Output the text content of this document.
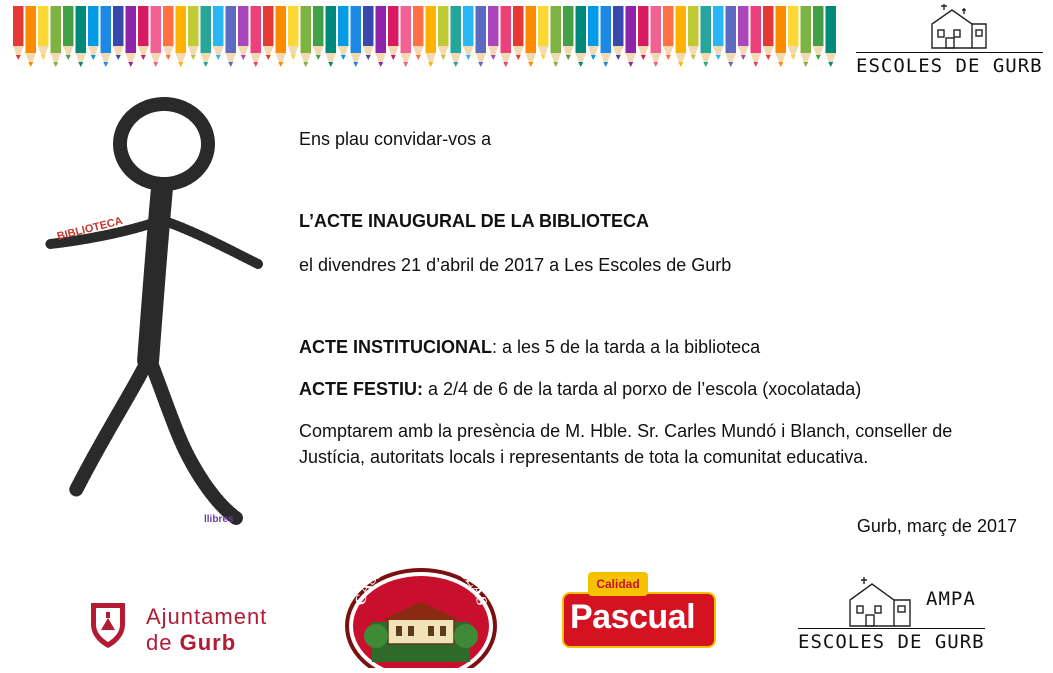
ESCOLES DE GURB
BIBLIOTECA
llibres
Ens plau convidar-vos a
L’ACTE INAUGURAL DE LA BIBLIOTECA
el divendres 21 d’abril de 2017 a Les Escoles de Gurb
ACTE INSTITUCIONAL: a les 5 de la tarda a la biblioteca
ACTE FESTIU: a 2/4 de 6 de la tarda al porxo de l’escola (xocolatada)
Comptarem amb la presència de M. Hble. Sr. Carles Mundó i Blanch, conseller de Justícia, autoritats locals i representants de tota la comunitat educativa.
Gurb, març de 2017
Ajuntament
de Gurb
CASA ELLAS
Calidad
Pascual	AMPA
ESCOLES DE GURB
